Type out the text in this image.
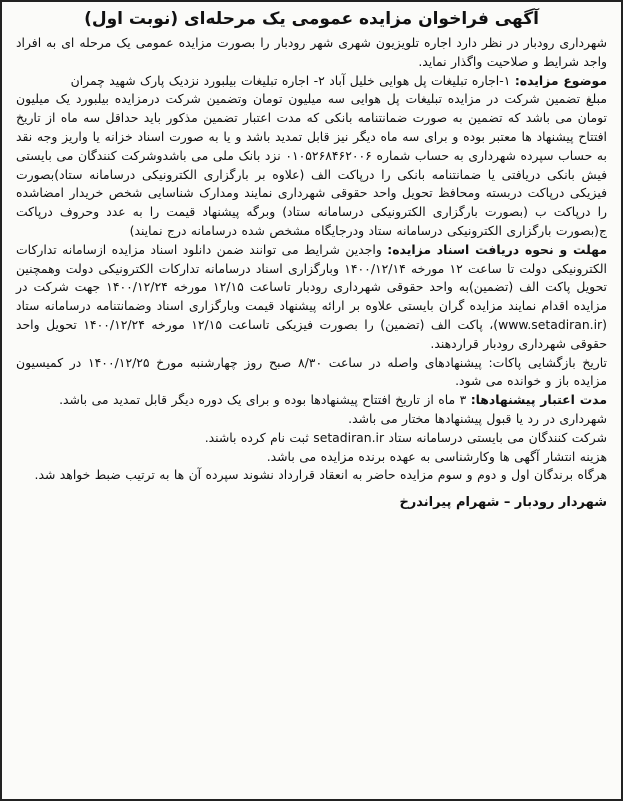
آگهی فراخوان مزایده عمومی یک مرحله‌ای (نوبت اول)

شهرداری رودبار در نظر دارد اجاره تلویزیون شهری شهر رودبار را بصورت مزایده عمومی یک مرحله ای به افراد واجد شرایط و صلاحیت واگذار نماید.

موضوع مزایده: ۱-اجاره تبلیغات پل هوایی خلیل آباد ۲- اجاره تبلیغات بیلبورد نزدیک پارک شهید چمران

مبلغ تضمین شرکت در مزایده تبلیغات پل هوایی سه میلیون تومان وتضمین شرکت درمزایده بیلبورد یک میلیون تومان می باشد که تضمین به صورت ضمانتنامه بانکی که مدت اعتبار تضمین مذکور باید حداقل سه ماه از تاریخ افتتاح پیشنهاد ها معتبر بوده و برای سه ماه دیگر نیز قابل تمدید باشد و یا به صورت اسناد خزانه یا واریز وجه نقد به حساب سپرده شهرداری به حساب شماره ۰۱۰۵۲۶۸۴۶۲۰۰۶ نزد بانک ملی می باشدوشرکت کنندگان می بایستی فیش بانکی دریافتی یا ضمانتنامه بانکی را درپاکت الف (علاوه بر بارگزاری الکترونیکی درسامانه ستاد)بصورت فیزیکی درپاکت دربسته ومحافظ تحویل واحد حقوقی شهرداری نمایند ومدارک شناسایی شخص خریدار امضاشده را درپاکت ب (بصورت بارگزاری الکترونیکی درسامانه ستاد) وبرگه پیشنهاد قیمت را به عدد وحروف درپاکت ج(بصورت بارگزاری الکترونیکی درسامانه ستاد ودرجایگاه مشخص شده درسامانه درج نمایند)

مهلت و نحوه دریافت اسناد مزایده: واجدین شرایط می توانند ضمن دانلود اسناد مزایده ازسامانه تدارکات الکترونیکی دولت تا ساعت ۱۲ مورخه ۱۴۰۰/۱۲/۱۴ وبارگزاری اسناد درسامانه تدارکات الکترونیکی دولت وهمچنین تحویل پاکت الف (تضمین)به واحد حقوقی شهرداری رودبار تاساعت ۱۲/۱۵ مورخه ۱۴۰۰/۱۲/۲۴ جهت شرکت در مزایده اقدام نمایند مزایده گران بایستی علاوه بر ارائه پیشنهاد قیمت وبارگزاری اسناد وضمانتنامه درسامانه ستاد (www.setadiran.ir)، پاکت الف (تضمین) را بصورت فیزیکی تاساعت ۱۲/۱۵ مورخه ۱۴۰۰/۱۲/۲۴ تحویل واحد حقوقی شهرداری رودبار قراردهند.

تاریخ بازگشایی پاکات: پیشنهادهای واصله در ساعت ۸/۳۰ صبح روز چهارشنبه مورخ ۱۴۰۰/۱۲/۲۵ در کمیسیون مزایده باز و خوانده می شود.

مدت اعتبار پیشنهادها: ۳ ماه از تاریخ افتتاح پیشنهادها بوده و برای یک دوره دیگر قابل تمدید می باشد.

شهرداری در رد یا قبول پیشنهادها مختار می باشد.

شرکت کنندگان می بایستی درسامانه ستاد setadiran.ir ثبت نام کرده باشند.

هزینه انتشار آگهی ها وکارشناسی به عهده برنده مزایده می باشد.

هرگاه برندگان اول و دوم و سوم مزایده حاضر به انعقاد قرارداد نشوند سپرده آن ها به ترتیب ضبط خواهد شد.

شهردار رودبار – شهرام پیراندرخ
